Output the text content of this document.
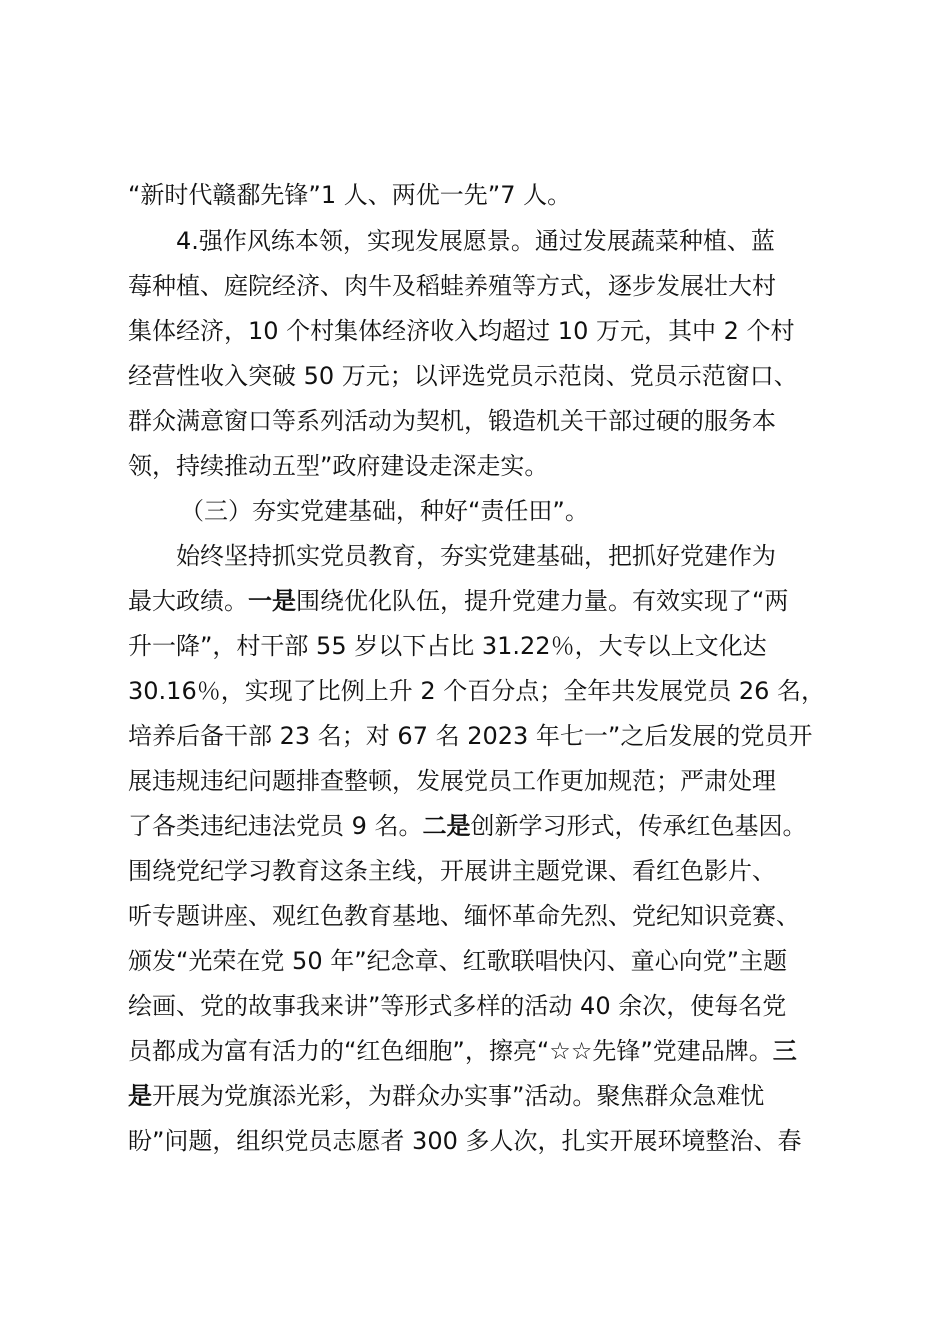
“新时代赣鄱先锋”1 人、两优一先”7 人。
4.强作风练本领，实现发展愿景。通过发展蔬菜种植、蓝
莓种植、庭院经济、肉牛及稻蛙养殖等方式，逐步发展壮大村
集体经济，10 个村集体经济收入均超过 10 万元，其中 2 个村
经营性收入突破 50 万元；以评选党员示范岗、党员示范窗口、
群众满意窗口等系列活动为契机，锻造机关干部过硬的服务本
领，持续推动五型”政府建设走深走实。
（三）夯实党建基础，种好“责任田”。
始终坚持抓实党员教育，夯实党建基础，把抓好党建作为
最大政绩。一是围绕优化队伍，提升党建力量。有效实现了“两
升一降”，村干部 55 岁以下占比 31.22％，大专以上文化达
30.16％，实现了比例上升 2 个百分点；全年共发展党员 26 名，
培养后备干部 23 名；对 67 名 2023 年七一”之后发展的党员开
展违规违纪问题排查整顿，发展党员工作更加规范；严肃处理
了各类违纪违法党员 9 名。二是创新学习形式，传承红色基因。
围绕党纪学习教育这条主线，开展讲主题党课、看红色影片、
听专题讲座、观红色教育基地、缅怀革命先烈、党纪知识竞赛、
颁发“光荣在党 50 年”纪念章、红歌联唱快闪、童心向党”主题
绘画、党的故事我来讲”等形式多样的活动 40 余次，使每名党
员都成为富有活力的“红色细胞”，擦亮“☆☆先锋”党建品牌。三
是开展为党旗添光彩，为群众办实事”活动。聚焦群众急难忧
盼”问题，组织党员志愿者 300 多人次，扎实开展环境整治、春
